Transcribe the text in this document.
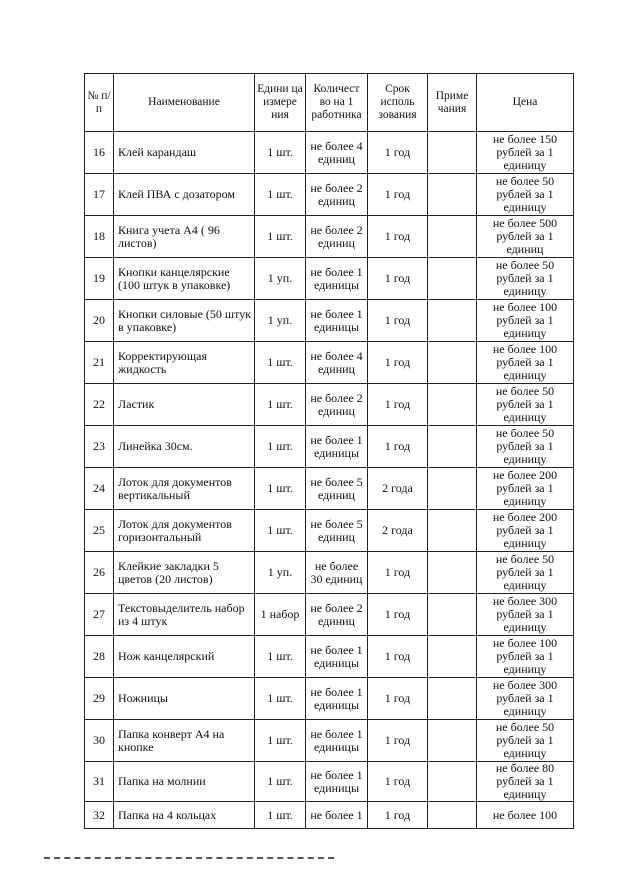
№ п/п	Наименование	Едини ца измере ния	Количест во на 1 работника	Срок исполь зования	Приме чания	Цена
16	Клей карандаш	1 шт.	не более 4 единиц	1 год		не более 150 рублей за 1 единицу
17	Клей ПВА с дозатором	1 шт.	не более 2 единиц	1 год		не более 50 рублей за 1 единицу
18	Книга учета А4 ( 96 листов)	1 шт.	не более 2 единиц	1 год		не более 500 рублей за 1 единиц
19	Кнопки канцелярские (100 штук в упаковке)	1 уп.	не более 1 единицы	1 год		не более 50 рублей за 1 единицу
20	Кнопки силовые (50 штук в упаковке)	1 уп.	не более 1 единицы	1 год		не более 100 рублей за 1 единицу
21	Корректирующая жидкость	1 шт.	не более 4 единиц	1 год		не более 100 рублей за 1 единицу
22	Ластик	1 шт.	не более 2 единиц	1 год		не более 50 рублей за 1 единицу
23	Линейка 30см.	1 шт.	не более 1 единицы	1 год		не более 50 рублей за 1 единицу
24	Лоток для документов вертикальный	1 шт.	не более 5 единиц	2 года		не более 200 рублей за 1 единицу
25	Лоток для документов горизонтальный	1 шт.	не более 5 единиц	2 года		не более 200 рублей за 1 единицу
26	Клейкие закладки 5 цветов (20 листов)	1 уп.	не более 30 единиц	1 год		не более 50 рублей за 1 единицу
27	Текстовыделитель набор из 4 штук	1 набор	не более 2 единиц	1 год		не более 300 рублей за 1 единицу
28	Нож канцелярский	1 шт.	не более 1 единицы	1 год		не более 100 рублей за 1 единицу
29	Ножницы	1 шт.	не более 1 единицы	1 год		не более 300 рублей за 1 единицу
30	Папка конверт А4 на кнопке	1 шт.	не более 1 единицы	1 год		не более 50 рублей за 1 единицу
31	Папка на молнии	1 шт.	не более 1 единицы	1 год		не более 80 рублей за 1 единицу
32	Папка на 4 кольцах	1 шт.	не более 1	1 год		не более 100
